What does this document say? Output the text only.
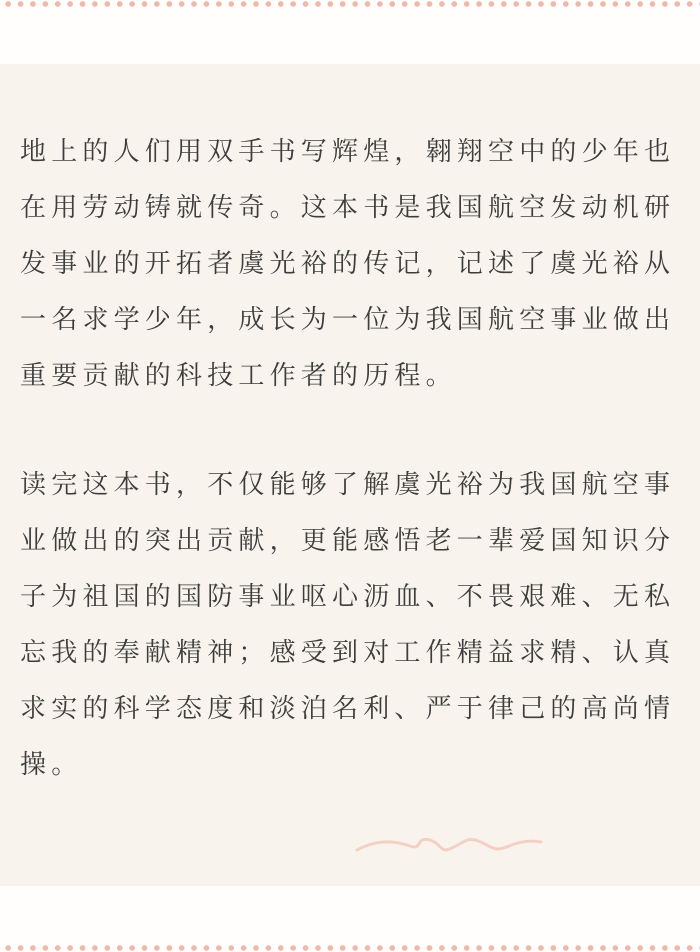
地上的人们用双手书写辉煌，翱翔空中的少年也在用劳动铸就传奇。这本书是我国航空发动机研发事业的开拓者虞光裕的传记，记述了虞光裕从一名求学少年，成长为一位为我国航空事业做出重要贡献的科技工作者的历程。

读完这本书，不仅能够了解虞光裕为我国航空事业做出的突出贡献，更能感悟老一辈爱国知识分子为祖国的国防事业呕心沥血、不畏艰难、无私忘我的奉献精神；感受到对工作精益求精、认真求实的科学态度和淡泊名利、严于律己的高尚情操。
